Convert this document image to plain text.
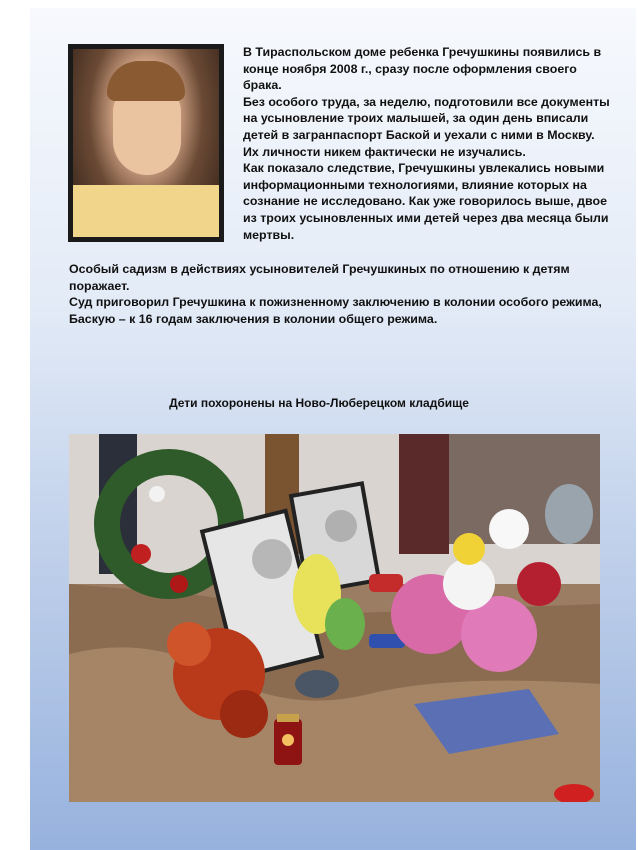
В Тираспольском доме ребенка Гречушкины появились в конце ноября 2008 г., сразу после оформления своего брака.

Без особого труда, за неделю, подготовили все документы на усыновление троих малышей, за один день вписали детей в загранпаспорт Баской и уехали с ними в Москву.

Их личности никем фактически не изучались.

Как показало следствие, Гречушкины увлекались новыми информационными технологиями, влияние которых на сознание не исследовано. Как уже говорилось выше, двое из троих усыновленных ими детей через два месяца были мертвы.

Особый садизм в действиях усыновителей Гречушкиных по отношению к детям поражает.

Суд приговорил Гречушкина к пожизненному заключению в колонии особого режима, Баскую – к 16 годам заключения в колонии общего режима.

Дети похоронены на Ново-Люберецком кладбище
